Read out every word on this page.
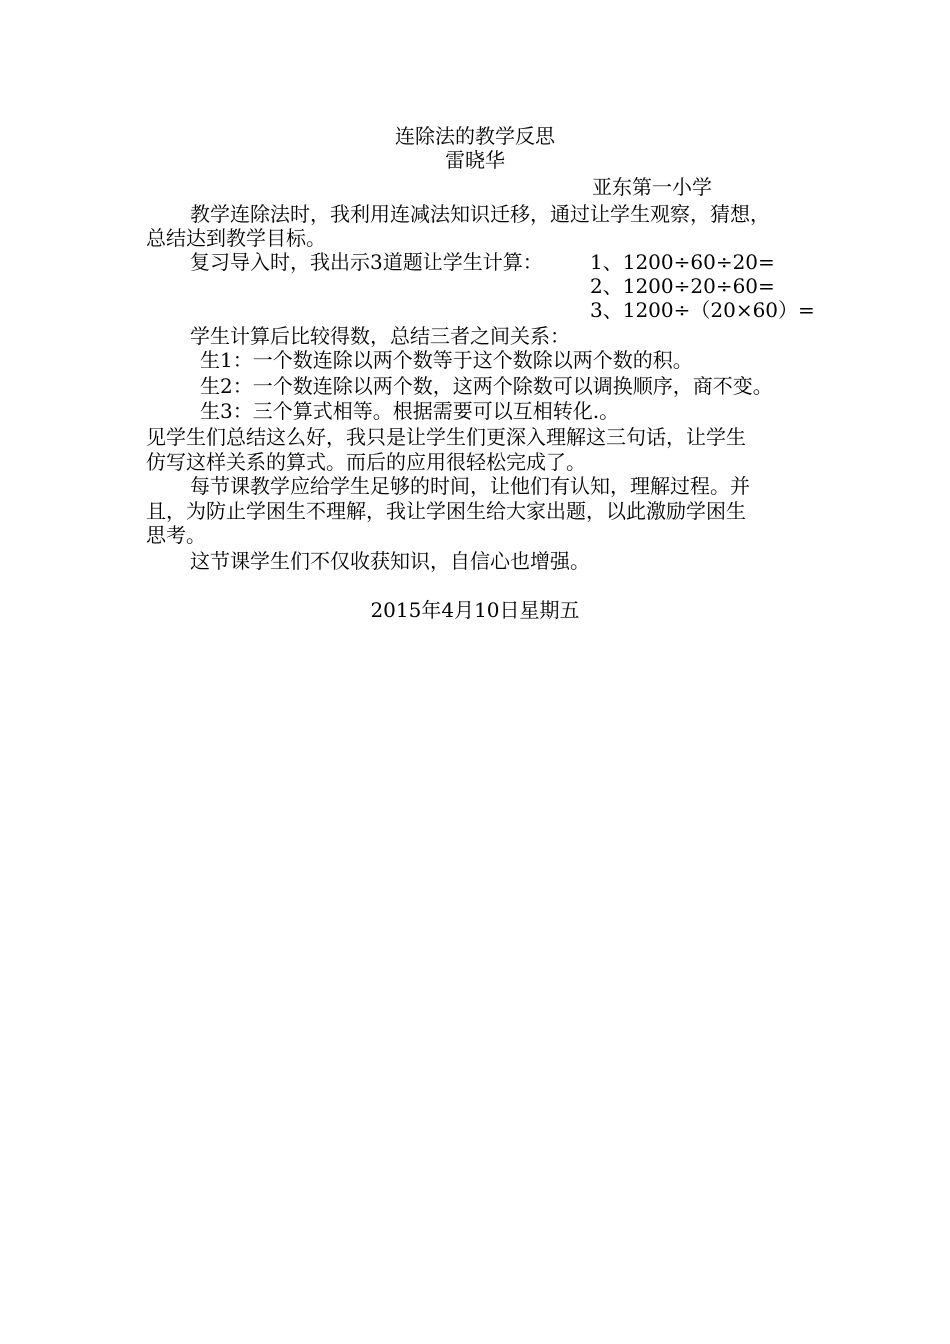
连除法的教学反思
雷晓华
亚东第一小学
教学连除法时，我利用连减法知识迁移，通过让学生观察，猜想，
总结达到教学目标。
复习导入时，我出示3道题让学生计算： 1、1200÷60÷20=
2、1200÷20÷60=
3、1200÷（20×60）=
学生计算后比较得数，总结三者之间关系：
生1：一个数连除以两个数等于这个数除以两个数的积。
生2：一个数连除以两个数，这两个除数可以调换顺序，商不变。
生3：三个算式相等。根据需要可以互相转化.。
见学生们总结这么好，我只是让学生们更深入理解这三句话，让学生
仿写这样关系的算式。而后的应用很轻松完成了。
每节课教学应给学生足够的时间，让他们有认知，理解过程。并
且，为防止学困生不理解，我让学困生给大家出题，以此激励学困生
思考。
这节课学生们不仅收获知识，自信心也增强。
2015年4月10日星期五
